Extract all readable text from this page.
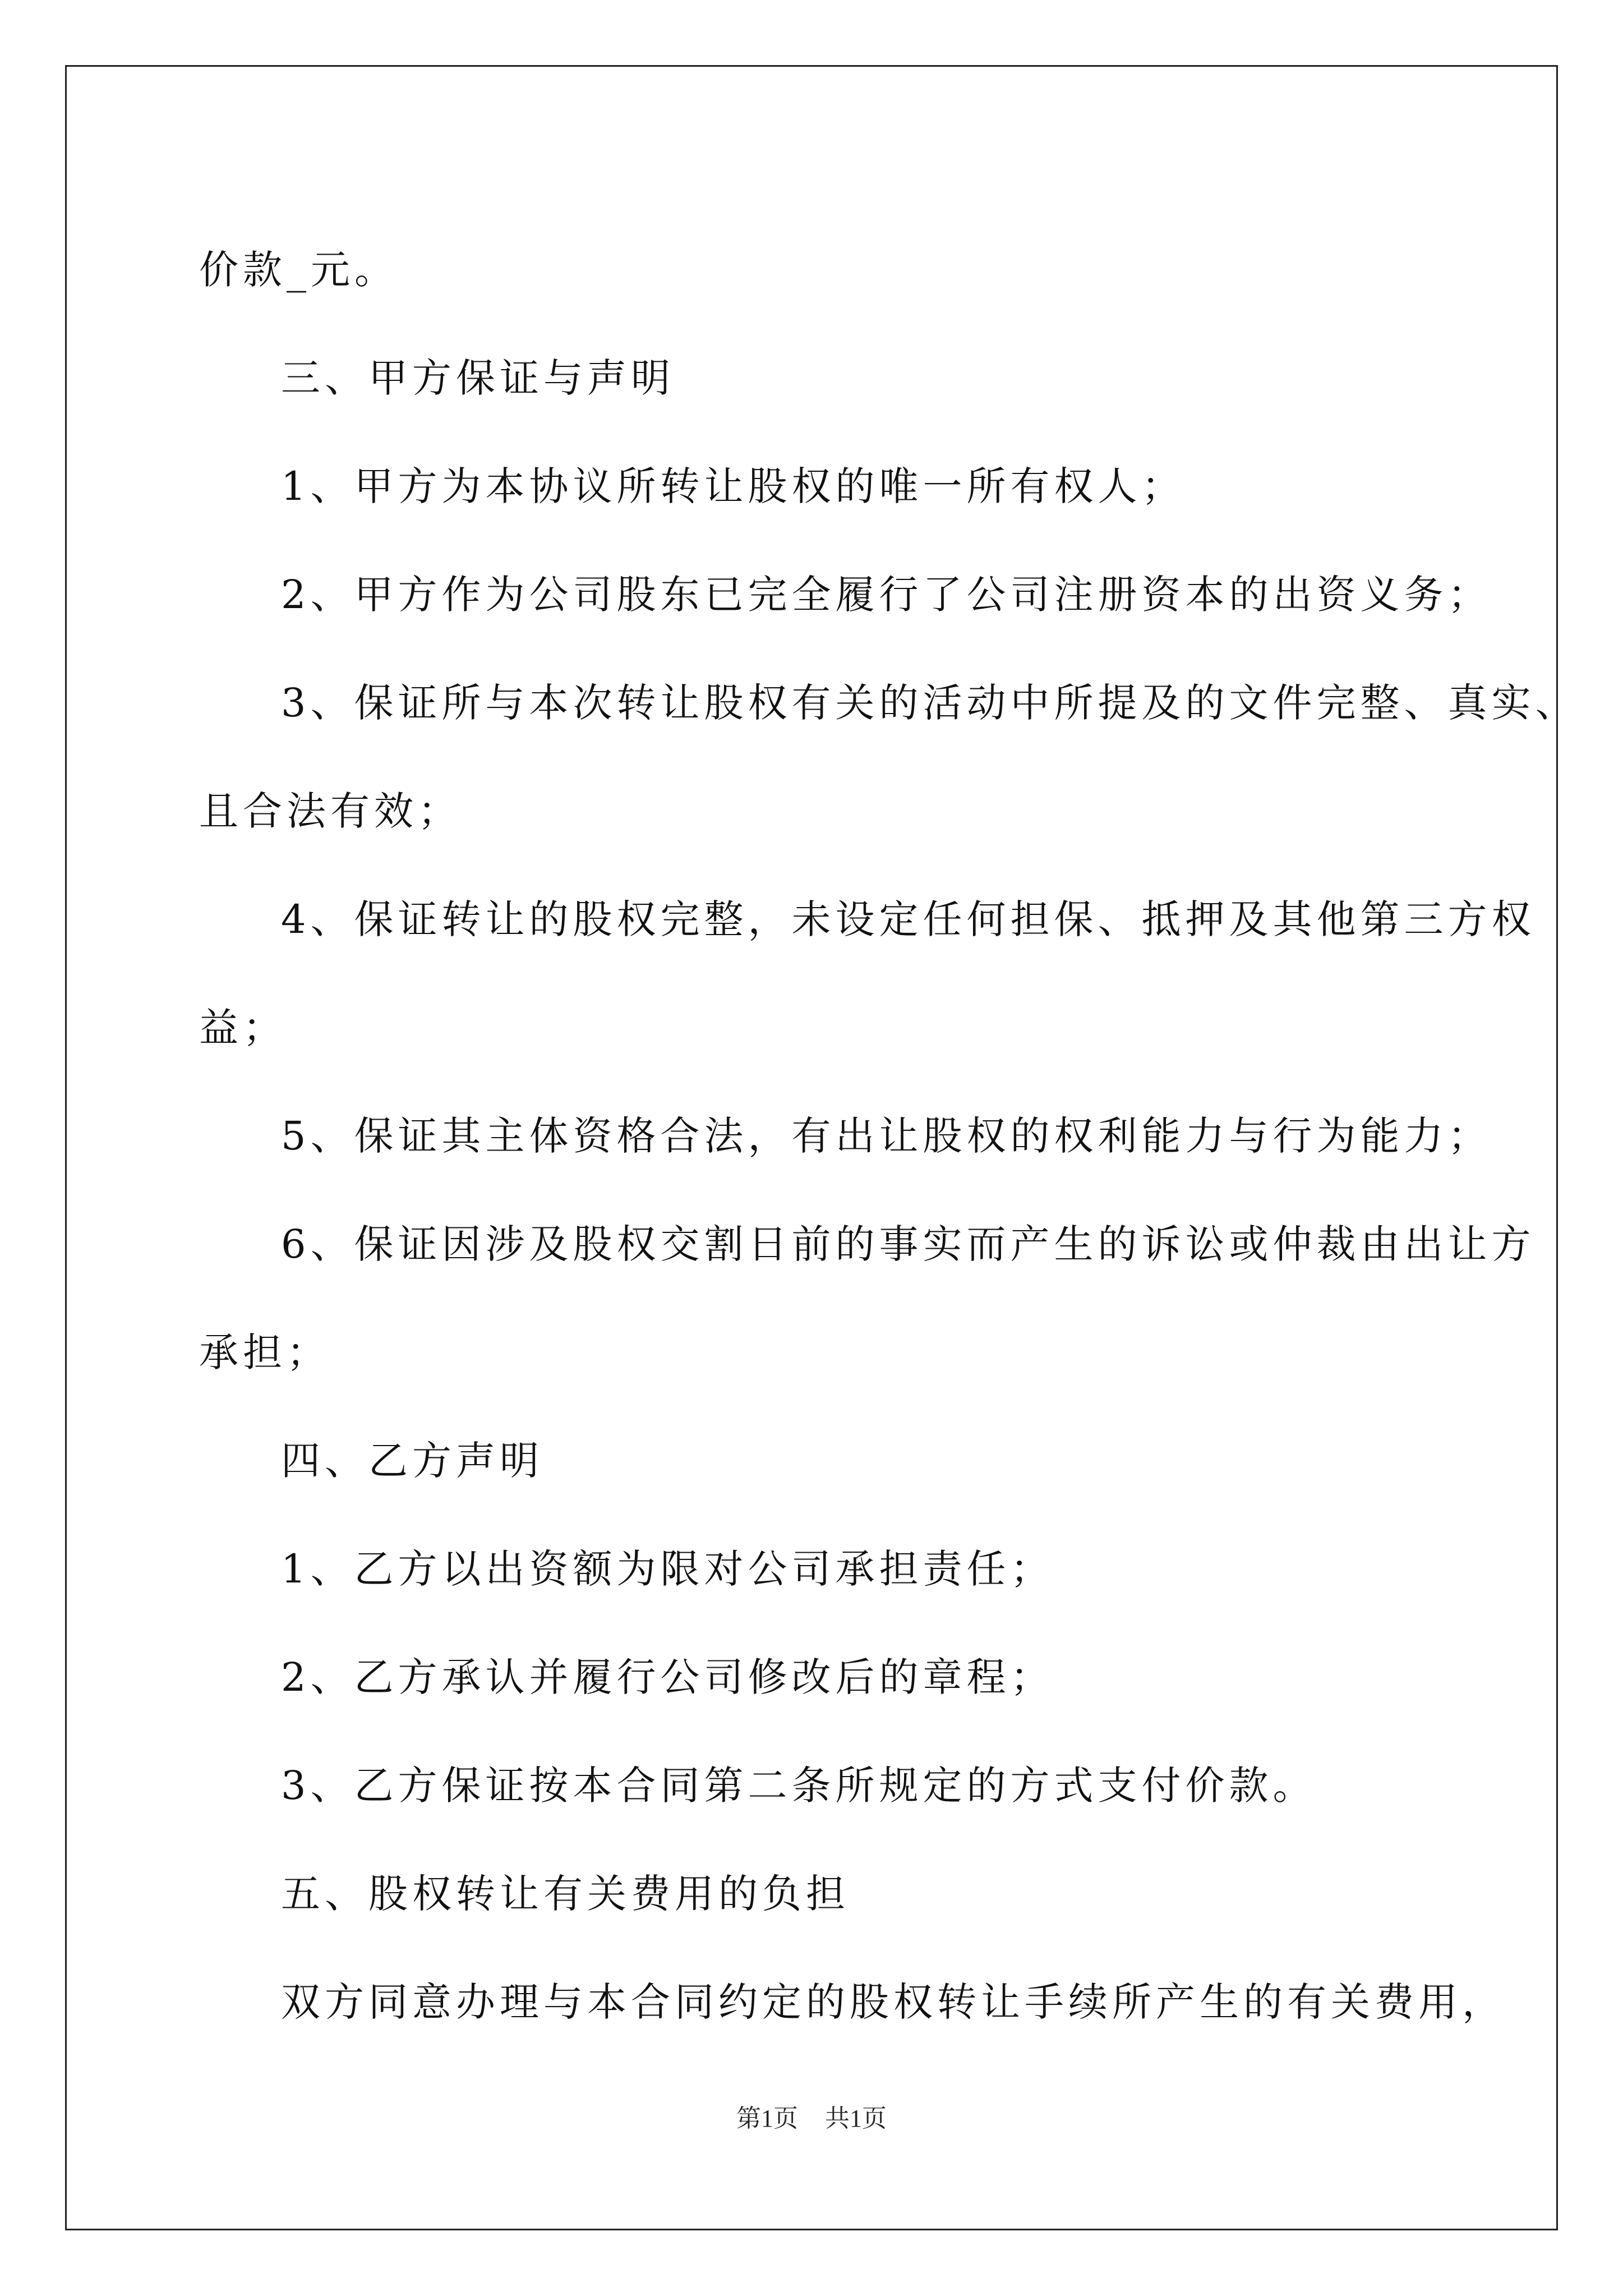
价款_元。

三、甲方保证与声明

1、甲方为本协议所转让股权的唯一所有权人；

2、甲方作为公司股东已完全履行了公司注册资本的出资义务；

3、保证所与本次转让股权有关的活动中所提及的文件完整、真实、

且合法有效；

4、保证转让的股权完整，未设定任何担保、抵押及其他第三方权

益；

5、保证其主体资格合法，有出让股权的权利能力与行为能力；

6、保证因涉及股权交割日前的事实而产生的诉讼或仲裁由出让方

承担；

四、乙方声明

1、乙方以出资额为限对公司承担责任；

2、乙方承认并履行公司修改后的章程；

3、乙方保证按本合同第二条所规定的方式支付价款。

五、股权转让有关费用的负担

双方同意办理与本合同约定的股权转让手续所产生的有关费用，

第1页 共1页
